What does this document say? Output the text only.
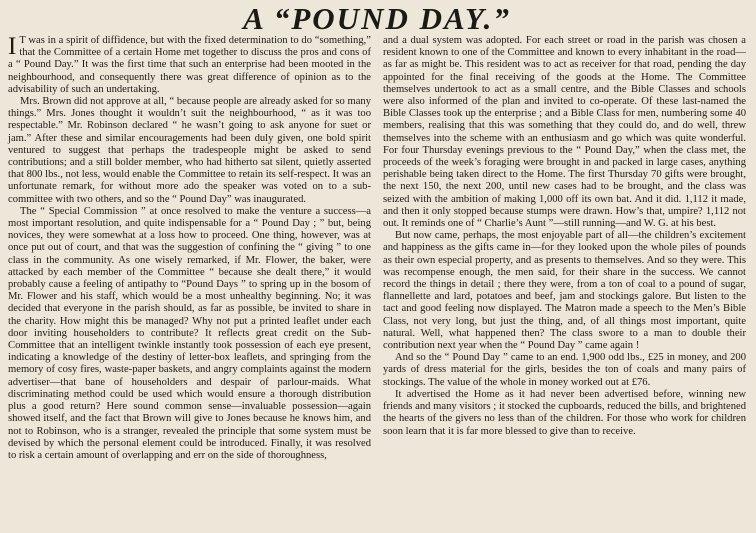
A “POUND DAY.”

I T was in a spirit of diffidence, but with the fixed determination to do “something,” that the Committee of a certain Home met together to discuss the pros and cons of a “ Pound Day.” It was the first time that such an enterprise had been mooted in the neighbourhood, and consequently there was great difference of opinion as to the advisability of such an undertaking.

Mrs. Brown did not approve at all, “ because people are already asked for so many things.” Mrs. Jones thought it wouldn’t suit the neighbourhood, “ as it was too respectable.” Mr. Robinson declared “ he wasn’t going to ask anyone for suet or jam.” After these and similar encouragements had been duly given, one bold spirit ventured to suggest that perhaps the tradespeople might be asked to send contributions; and a still bolder member, who had hitherto sat silent, quietly asserted that 800 lbs., not less, would enable the Committee to retain its self-respect. It was an unfortunate remark, for without more ado the speaker was voted on to a sub-committee with two others, and so the “ Pound Day” was inaugurated.

The “ Special Commission ” at once resolved to make the venture a success—a most important resolution, and quite indispensable for a “ Pound Day ; ” but, being novices, they were somewhat at a loss how to proceed. One thing, however, was at once put out of court, and that was the suggestion of confining the “ giving ” to one class in the community. As one wisely remarked, if Mr. Flower, the baker, were attacked by each member of the Committee “ because she dealt there,” it would probably cause a feeling of antipathy to “Pound Days ” to spring up in the bosom of Mr. Flower and his staff, which would be a most unhealthy beginning. No; it was decided that everyone in the parish should, as far as possible, be invited to share in the charity. How might this be managed? Why not put a printed leaflet under each door inviting householders to contribute? It reflects great credit on the Sub-Committee that an intelligent twinkle instantly took possession of each eye present, indicating a knowledge of the destiny of letter-box leaflets, and springing from the memory of cosy fires, waste-paper baskets, and angry complaints against the modern advertiser—that bane of householders and despair of parlour-maids. What discriminating method could be used which would ensure a thorough distribution plus a good return? Here sound common sense—invaluable possession—again showed itself, and the fact that Brown will give to Jones because he knows him, and not to Robinson, who is a stranger, revealed the principle that some system must be devised by which the personal element could be introduced. Finally, it was resolved to risk a certain amount of overlapping and err on the side of thoroughness,

and a dual system was adopted. For each street or road in the parish was chosen a resident known to one of the Committee and known to every inhabitant in the road—as far as might be. This resident was to act as receiver for that road, pending the day appointed for the final receiving of the goods at the Home. The Committee themselves undertook to act as a small centre, and the Bible Classes and schools were also informed of the plan and invited to co-operate. Of these last-named the Bible Classes took up the enterprise ; and a Bible Class for men, numbering some 40 members, realising that this was something that they could do, and do well, threw themselves into the scheme with an enthusiasm and go which was quite wonderful. For four Thursday evenings previous to the “ Pound Day,” when the class met, the proceeds of the week’s foraging were brought in and packed in large cases, anything perishable being taken direct to the Home. The first Thursday 70 gifts were brought, the next 150, the next 200, until new cases had to be brought, and the class was seized with the ambition of making 1,000 off its own bat. And it did. 1,112 it made, and then it only stopped because stumps were drawn. How’s that, umpire? 1,112 not out. It reminds one of “ Charlie’s Aunt ”—still running—and W. G. at his best.

But now came, perhaps, the most enjoyable part of all—the children’s excitement and happiness as the gifts came in—for they looked upon the whole piles of pounds as their own especial property, and as presents to themselves. And so they were. This was recompense enough, the men said, for their share in the success. We cannot record the things in detail ; there they were, from a ton of coal to a pound of sugar, flannellette and lard, potatoes and beef, jam and stockings galore. But listen to the tact and good feeling now displayed. The Matron made a speech to the Men’s Bible Class, not very long, but just the thing, and, of all things most important, quite natural. Well, what happened then? The class swore to a man to double their contribution next year when the “ Pound Day ” came again !

And so the “ Pound Day ” came to an end. 1,900 odd lbs., £25 in money, and 200 yards of dress material for the girls, besides the ton of coals and many pairs of stockings. The value of the whole in money worked out at £76.

It advertised the Home as it had never been advertised before, winning new friends and many visitors ; it stocked the cupboards, reduced the bills, and brightened the hearts of the givers no less than of the children. For those who work for children soon learn that it is far more blessed to give than to receive.
